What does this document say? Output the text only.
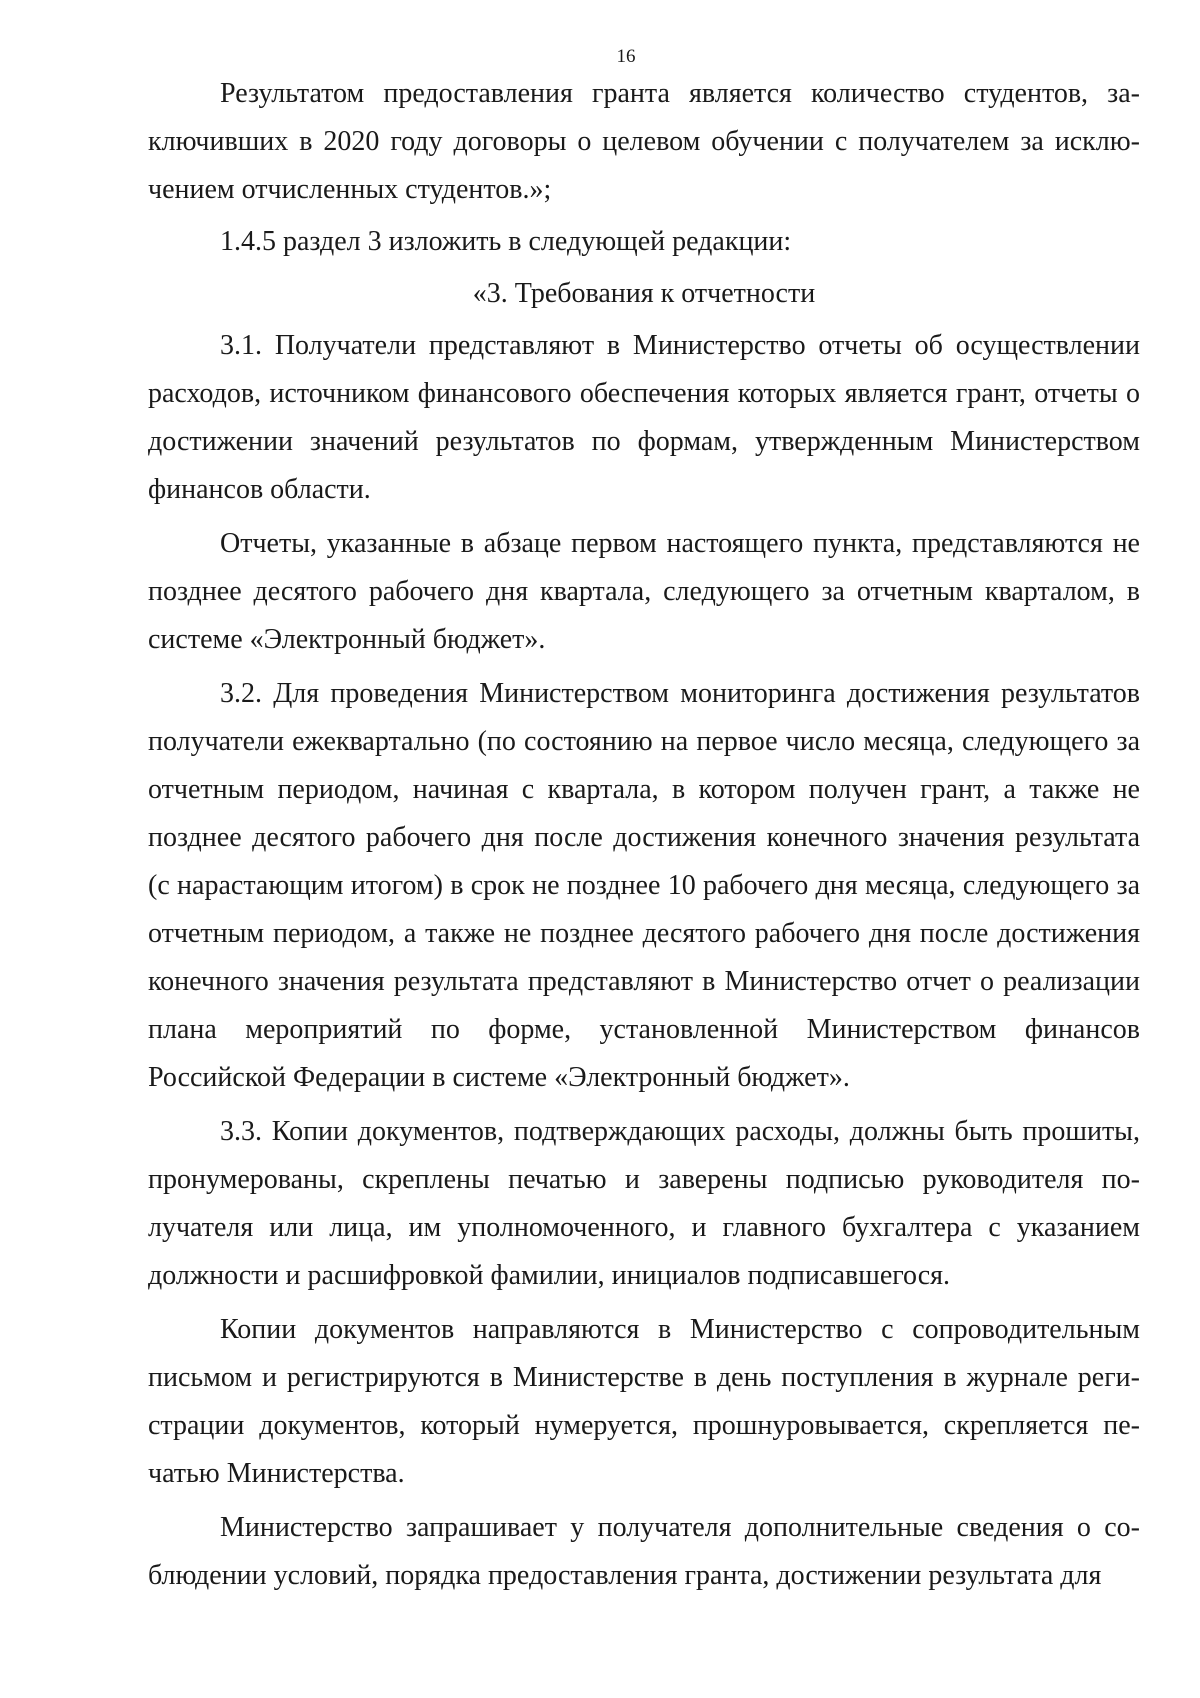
16

Результатом предоставления гранта является количество студентов, заключивших в 2020 году договоры о целевом обучении с получателем за исключением отчисленных студентов.»;

1.4.5 раздел 3 изложить в следующей редакции:

«3. Требования к отчетности

3.1. Получатели представляют в Министерство отчеты об осуществлении расходов, источником финансового обеспечения которых является грант, отчеты о достижении значений результатов по формам, утвержденным Министерством финансов области.

Отчеты, указанные в абзаце первом настоящего пункта, представляются не позднее десятого рабочего дня квартала, следующего за отчетным кварталом, в системе «Электронный бюджет».

3.2. Для проведения Министерством мониторинга достижения результатов получатели ежеквартально (по состоянию на первое число месяца, следующего за отчетным периодом, начиная с квартала, в котором получен грант, а также не позднее десятого рабочего дня после достижения конечного значения результата (с нарастающим итогом) в срок не позднее 10 рабочего дня месяца, следующего за отчетным периодом, а также не позднее десятого рабочего дня после достижения конечного значения результата представляют в Министерство отчет о реализации плана мероприятий по форме, установленной Министерством финансов Российской Федерации в системе «Электронный бюджет».

3.3. Копии документов, подтверждающих расходы, должны быть прошиты, пронумерованы, скреплены печатью и заверены подписью руководителя получателя или лица, им уполномоченного, и главного бухгалтера с указанием должности и расшифровкой фамилии, инициалов подписавшегося.

Копии документов направляются в Министерство с сопроводительным письмом и регистрируются в Министерстве в день поступления в журнале регистрации документов, который нумеруется, прошнуровывается, скрепляется печатью Министерства.

Министерство запрашивает у получателя дополнительные сведения о соблюдении условий, порядка предоставления гранта, достижении результата для
